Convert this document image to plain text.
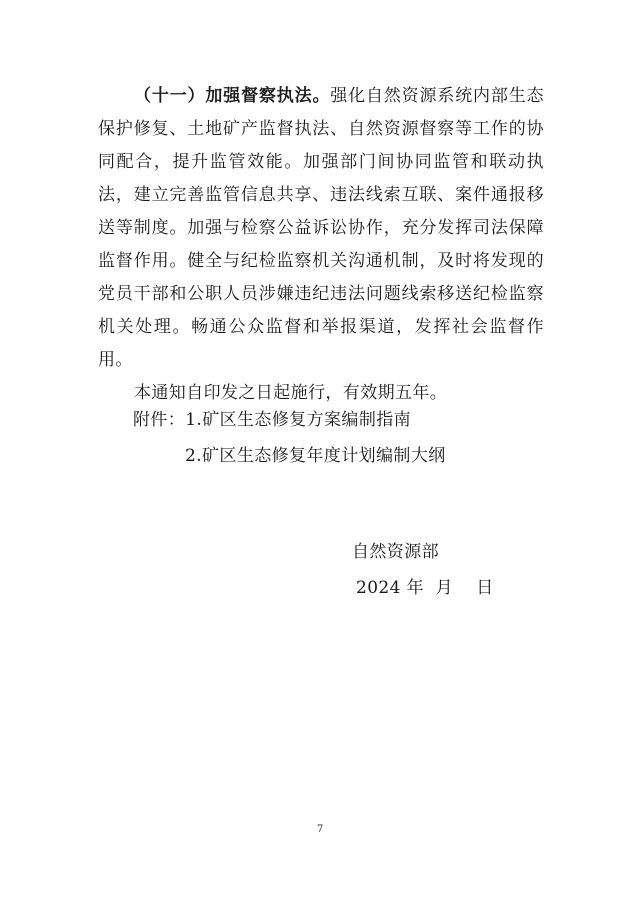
（十一）加强督察执法。强化自然资源系统内部生态保护修复、土地矿产监督执法、自然资源督察等工作的协同配合，提升监管效能。加强部门间协同监管和联动执法，建立完善监管信息共享、违法线索互联、案件通报移送等制度。加强与检察公益诉讼协作，充分发挥司法保障监督作用。健全与纪检监察机关沟通机制，及时将发现的党员干部和公职人员涉嫌违纪违法问题线索移送纪检监察机关处理。畅通公众监督和举报渠道，发挥社会监督作用。

本通知自印发之日起施行，有效期五年。

附件：1.矿区生态修复方案编制指南
2.矿区生态修复年度计划编制大纲
自然资源部
2024 年  月    日
7
